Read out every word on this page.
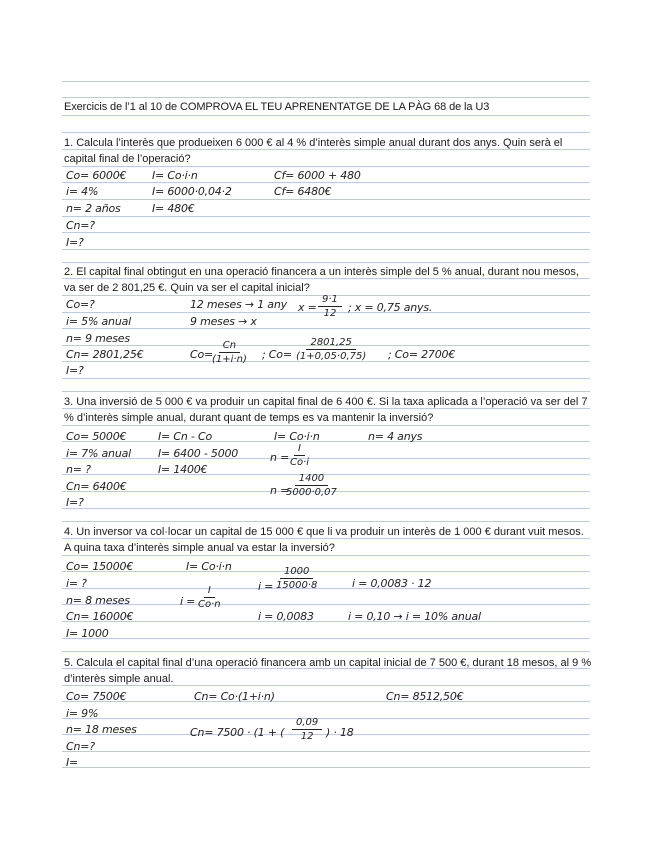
Exercicis de l’1 al 10 de COMPROVA EL TEU APRENENTATGE DE LA PÀG 68 de la U3
1. Calcula l’interès que produeixen 6 000 € al 4 % d’interès simple anual durant dos anys. Quin serà el capital final de l’operació?
Co= 6000€
i= 4%
n= 2 años
Cn=?
I=?
I= Co·i·n
I= 6000·0,04·2
I= 480€
Cf= 6000 + 480
Cf= 6480€
2. El capital final obtingut en una operació financera a un interès simple del 5 % anual, durant nou mesos, va ser de 2 801,25 €. Quin va ser el capital inicial?
Co=?
i= 5% anual
n= 9 meses
Cn= 2801,25€
I=?
12 meses → 1 any
9 meses → x
$x = \frac{9\cdot 1}{12}$ ; x = 0,75 anys.
Co=
$\frac{Cn}{(1+i\cdot n)}$ ; $Co= \frac{2801,25}{(1+0,05\cdot 0,75)}$ ; Co= 2700€
3. Una inversió de 5 000 € va produir un capital final de 6 400 €. Si la taxa aplicada a l’operació va ser del 7 % d’interès simple anual, durant quant de temps es va mantenir la inversió?
Co= 5000€
i= 7% anual
n= ?
Cn= 6400€
I=?
I= Cn - Co
I= 6400 - 5000
I= 1400€
I= Co·i·n
$n = \frac{I}{Co\cdot i}$
n =
$\frac{1400}{5000\cdot 0,07}$
n= 4 anys
4. Un inversor va col·locar un capital de 15 000 € que li va produir un interès de 1 000 € durant vuit mesos. A quina taxa d’interès simple anual va estar la inversió?
Co= 15000€
i= ?
n= 8 meses
Cn= 16000€
I= 1000
I= Co·i·n
$i = \frac{I}{Co\cdot n}$	$i = \frac{1000}{15000\cdot 8}$
i = 0,0083
i = 0,0083 · 12
i = 0,10 → i = 10% anual
5. Calcula el capital final d’una operació financera amb un capital inicial de 7 500 €, durant 18 mesos, al 9 % d’interès simple anual.
Co= 7500€
i= 9%
n= 18 meses
Cn=?
I=
Cn= Co·(1+i·n)
Cn= 7500 · (1 + ( $\frac{0,09}{12}$ ) · 18
Cn= 8512,50€
